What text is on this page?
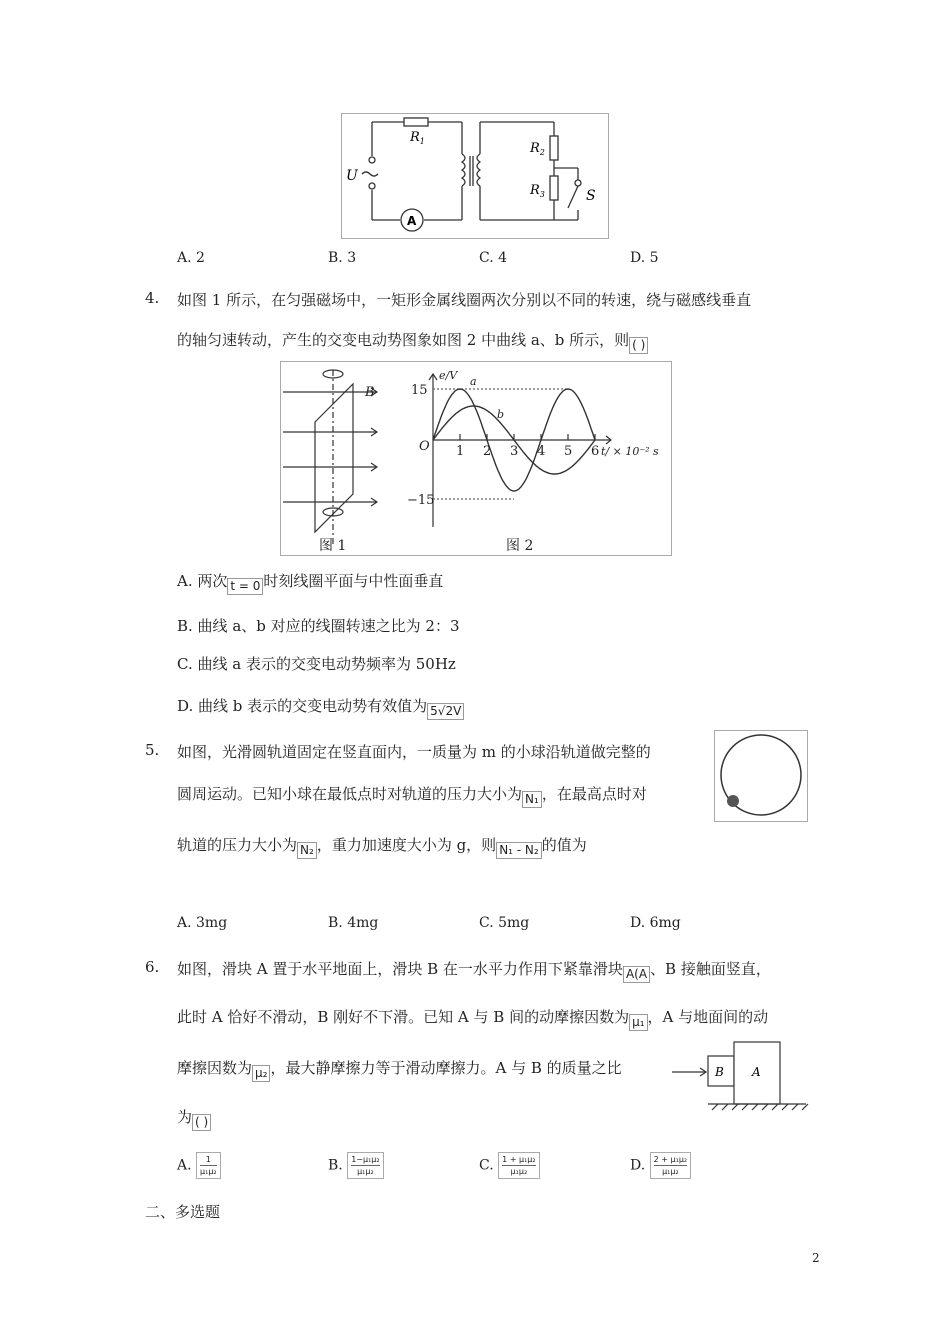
$R_1$	$R_2$
$R_3$
U
S
A
A. 2	B. 3	C. 4	D. 5
4. 如图 1 所示，在匀强磁场中，一矩形金属线圈两次分别以不同的转速，绕与磁感线垂直
的轴匀速转动，产生的交变电动势图象如图 2 中曲线 a、b 所示，则 ( )
B
e/V
15
−15
O 1 2 3 4 5 6 t/ × 10⁻² s
a
b
图 1	图 2
A. 两次 t = 0 时刻线圈平面与中性面垂直
B. 曲线 a、b 对应的线圈转速之比为 2：3
C. 曲线 a 表示的交变电动势频率为 50Hz
D. 曲线 b 表示的交变电动势有效值为 5√2V
5. 如图，光滑圆轨道固定在竖直面内，一质量为 m 的小球沿轨道做完整的
圆周运动。已知小球在最低点时对轨道的压力大小为 N₁ ，在最高点时对
轨道的压力大小为 N₂ ，重力加速度大小为 g，则 N₁ - N₂ 的值为
A. 3mg	B. 4mg	C. 5mg	D. 6mg
6. 如图，滑块 A 置于水平地面上，滑块 B 在一水平力作用下紧靠滑块 A(A 、B 接触面竖直，
此时 A 恰好不滑动，B 刚好不下滑。已知 A 与 B 间的动摩擦因数为 μ₁ ，A 与地面间的动
摩擦因数为 μ₂ ，最大静摩擦力等于滑动摩擦力。A 与 B 的质量之比
为 ( )
B A
A. $\frac{1}{\text{μ₁μ₂}}$	B. $\frac{\text{1−μ₁μ₂}}{\text{μ₁μ₂}}$	C. $\frac{\text{1 + μ₁μ₂}}{\text{μ₁μ₂}}$	D. $\frac{\text{2 + μ₁μ₂}}{\text{μ₁μ₂}}$
二、多选题
2
